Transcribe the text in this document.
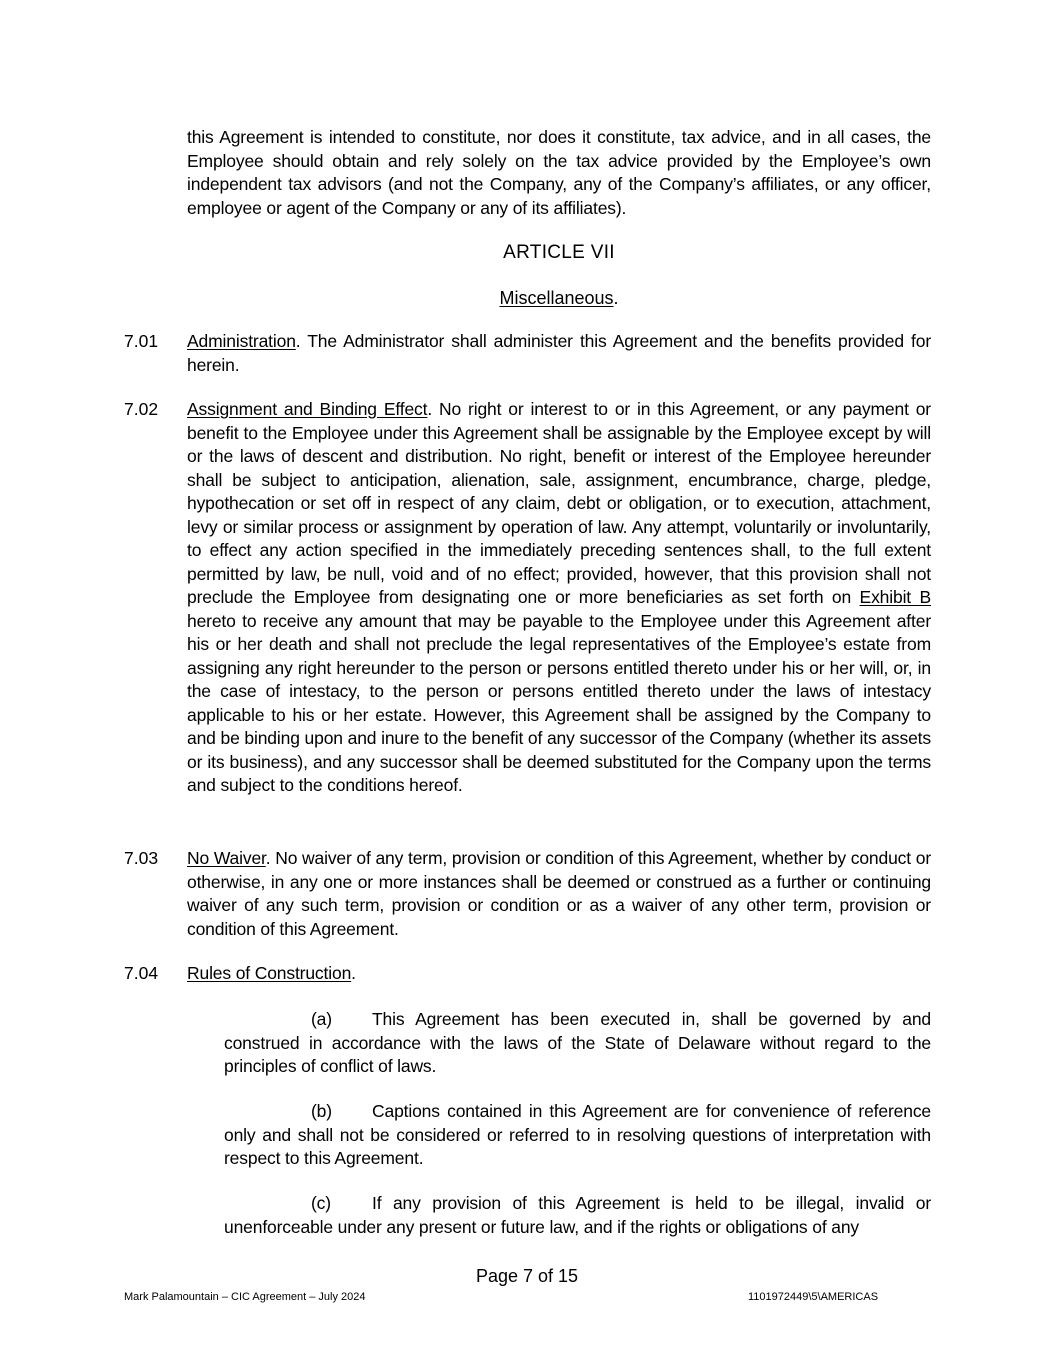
this Agreement is intended to constitute, nor does it constitute, tax advice, and in all cases, the Employee should obtain and rely solely on the tax advice provided by the Employee’s own independent tax advisors (and not the Company, any of the Company’s affiliates, or any officer, employee or agent of the Company or any of its affiliates).
ARTICLE VII
Miscellaneous.
7.01 Administration. The Administrator shall administer this Agreement and the benefits provided for herein.
7.02 Assignment and Binding Effect. No right or interest to or in this Agreement, or any payment or benefit to the Employee under this Agreement shall be assignable by the Employee except by will or the laws of descent and distribution. No right, benefit or interest of the Employee hereunder shall be subject to anticipation, alienation, sale, assignment, encumbrance, charge, pledge, hypothecation or set off in respect of any claim, debt or obligation, or to execution, attachment, levy or similar process or assignment by operation of law. Any attempt, voluntarily or involuntarily, to effect any action specified in the immediately preceding sentences shall, to the full extent permitted by law, be null, void and of no effect; provided, however, that this provision shall not preclude the Employee from designating one or more beneficiaries as set forth on Exhibit B hereto to receive any amount that may be payable to the Employee under this Agreement after his or her death and shall not preclude the legal representatives of the Employee’s estate from assigning any right hereunder to the person or persons entitled thereto under his or her will, or, in the case of intestacy, to the person or persons entitled thereto under the laws of intestacy applicable to his or her estate. However, this Agreement shall be assigned by the Company to and be binding upon and inure to the benefit of any successor of the Company (whether its assets or its business), and any successor shall be deemed substituted for the Company upon the terms and subject to the conditions hereof.
7.03 No Waiver. No waiver of any term, provision or condition of this Agreement, whether by conduct or otherwise, in any one or more instances shall be deemed or construed as a further or continuing waiver of any such term, provision or condition or as a waiver of any other term, provision or condition of this Agreement.
7.04 Rules of Construction.
(a) This Agreement has been executed in, shall be governed by and construed in accordance with the laws of the State of Delaware without regard to the principles of conflict of laws.
(b) Captions contained in this Agreement are for convenience of reference only and shall not be considered or referred to in resolving questions of interpretation with respect to this Agreement.
(c) If any provision of this Agreement is held to be illegal, invalid or unenforceable under any present or future law, and if the rights or obligations of any
Page 7 of 15
Mark Palamountain – CIC Agreement – July 2024	1101972449\5\AMERICAS
